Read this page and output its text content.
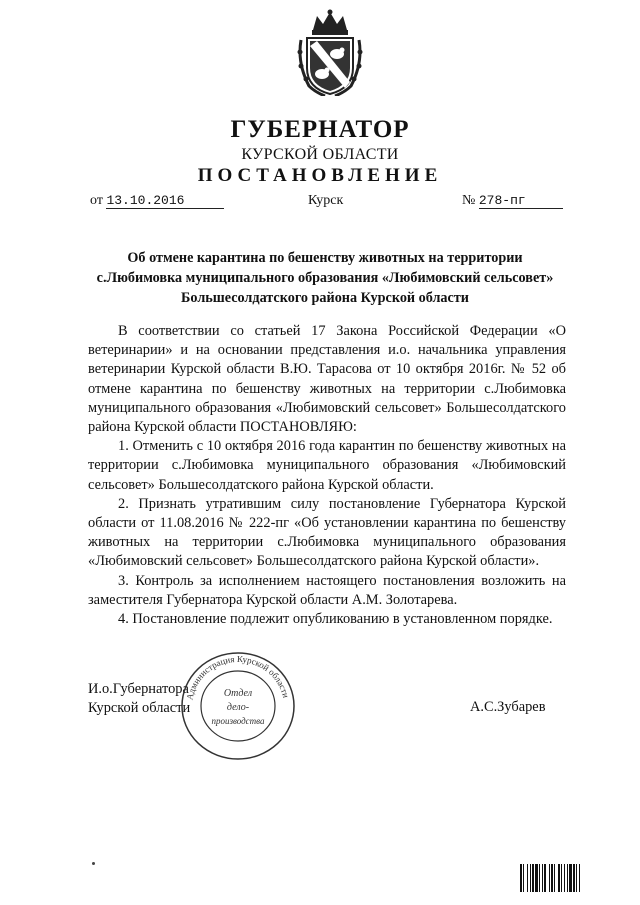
ГУБЕРНАТОР
КУРСКОЙ ОБЛАСТИ
ПОСТАНОВЛЕНИЕ
от 13.10.2016	Курск	№ 278-пг
Об отмене карантина по бешенству животных на территории
с.Любимовка муниципального образования «Любимовский сельсовет»
Большесолдатского района Курской области

В соответствии со статьей 17 Закона Российской Федерации «О ветеринарии» и на основании представления и.о. начальника управления ветеринарии Курской области В.Ю. Тарасова от 10 октября 2016г. № 52 об отмене карантина по бешенству животных на территории с.Любимовка муниципального образования «Любимовский сельсовет» Большесолдатского района Курской области ПОСТАНОВЛЯЮ:

1. Отменить с 10 октября 2016 года карантин по бешенству животных на территории с.Любимовка муниципального образования «Любимовский сельсовет» Большесолдатского района Курской области.

2. Признать утратившим силу постановление Губернатора Курской области от 11.08.2016 № 222-пг «Об установлении карантина по бешенству животных на территории с.Любимовка муниципального образования «Любимовский сельсовет» Большесолдатского района Курской области».

3. Контроль за исполнением настоящего постановления возложить на заместителя Губернатора Курской области А.М. Золотарева.

4. Постановление подлежит опубликованию в установленном порядке.

И.о.Губернатора
Курской области	А.С.Зубарев
Администрация Курской области
Отдел
дело-
производства
